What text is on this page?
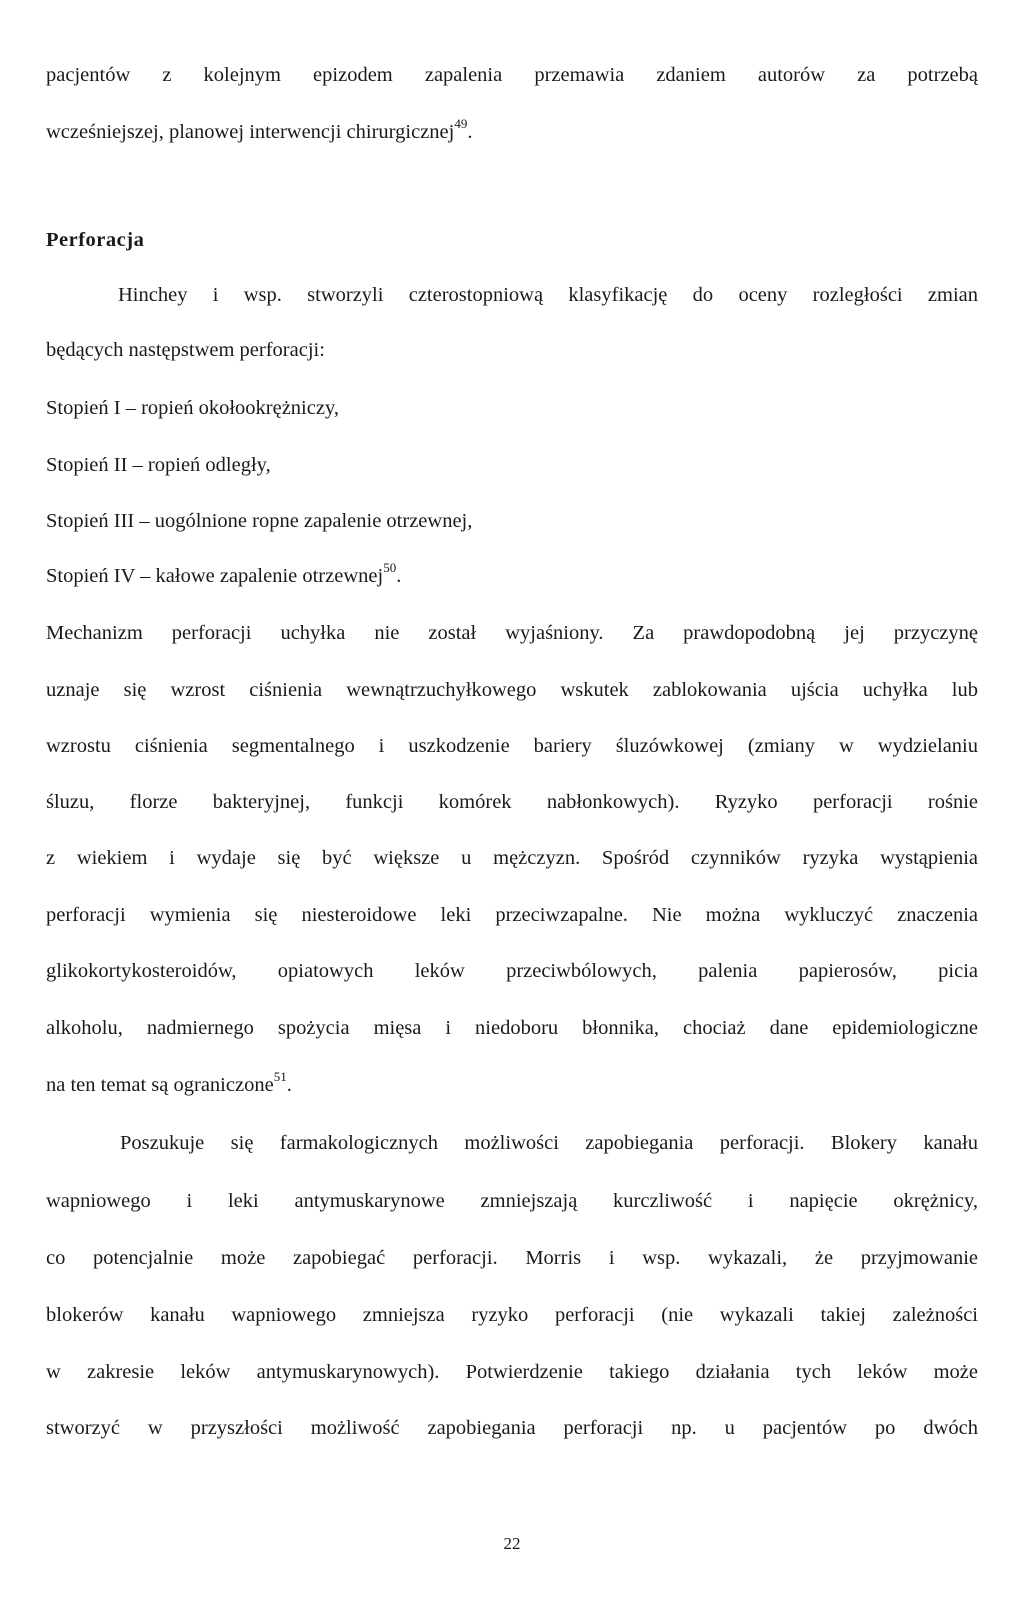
pacjentów z kolejnym epizodem zapalenia przemawia zdaniem autorów za potrzebą

wcześniejszej, planowej interwencji chirurgicznej$^{49}$.

Perforacja

Hinchey i wsp. stworzyli czterostopniową klasyfikację do oceny rozległości zmian

będących następstwem perforacji:

Stopień I – ropień okołookrężniczy,

Stopień II – ropień odległy,

Stopień III – uogólnione ropne zapalenie otrzewnej,

Stopień IV – kałowe zapalenie otrzewnej$^{50}$.

Mechanizm perforacji uchyłka nie został wyjaśniony. Za prawdopodobną jej przyczynę

uznaje się wzrost ciśnienia wewnątrzuchyłkowego wskutek zablokowania ujścia uchyłka lub

wzrostu ciśnienia segmentalnego i uszkodzenie bariery śluzówkowej (zmiany w wydzielaniu

śluzu, florze bakteryjnej, funkcji komórek nabłonkowych). Ryzyko perforacji rośnie

z wiekiem i wydaje się być większe u mężczyzn. Spośród czynników ryzyka wystąpienia

perforacji wymienia się niesteroidowe leki przeciwzapalne. Nie można wykluczyć znaczenia

glikokortykosteroidów, opiatowych leków przeciwbólowych, palenia papierosów, picia

alkoholu, nadmiernego spożycia mięsa i niedoboru błonnika, chociaż dane epidemiologiczne

na ten temat są ograniczone$^{51}$.

Poszukuje się farmakologicznych możliwości zapobiegania perforacji. Blokery kanału

wapniowego i leki antymuskarynowe zmniejszają kurczliwość i napięcie okrężnicy,

co potencjalnie może zapobiegać perforacji. Morris i wsp. wykazali, że przyjmowanie

blokerów kanału wapniowego zmniejsza ryzyko perforacji (nie wykazali takiej zależności

w zakresie leków antymuskarynowych). Potwierdzenie takiego działania tych leków może

stworzyć w przyszłości możliwość zapobiegania perforacji np. u pacjentów po dwóch

22
